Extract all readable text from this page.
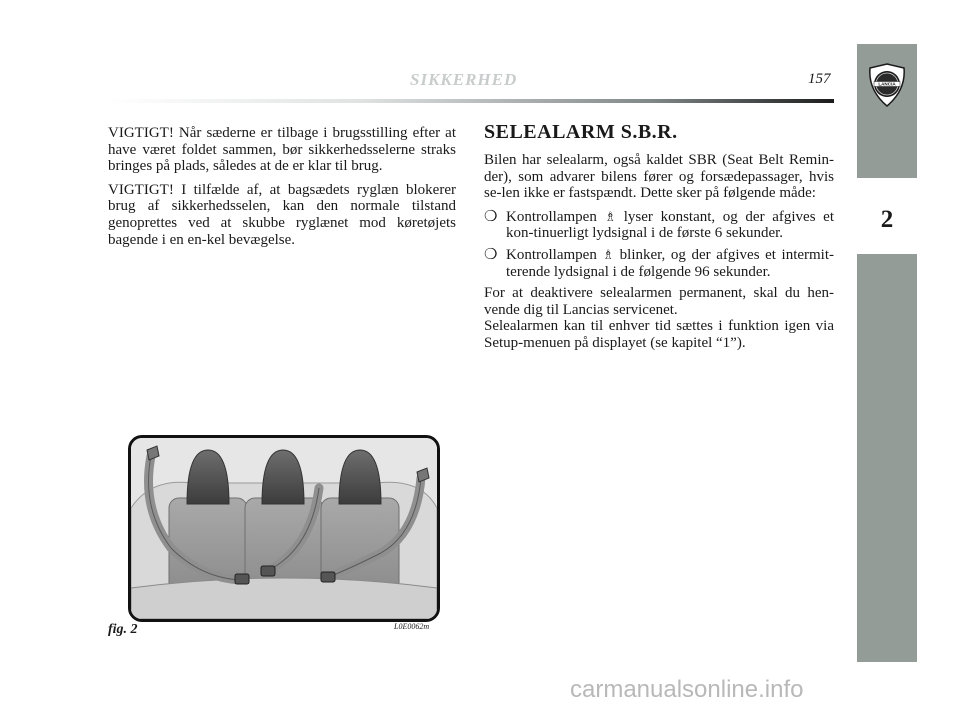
2
LANCIA
SIKKERHED	157

VIGTIGT! Når sæderne er tilbage i brugsstilling efter at have været foldet sammen, bør sikkerhedsselerne straks bringes på plads, således at de er klar til brug.

VIGTIGT! I tilfælde af, at bagsædets ryglæn blokerer brug af sikkerhedsselen, kan den normale tilstand genoprettes ved at skubbe ryglænet mod køretøjets bagende i en en-kel bevægelse.

SELEALARM S.B.R.

Bilen har selealarm, også kaldet SBR (Seat Belt Remin-der), som advarer bilens fører og forsædepassager, hvis se-len ikke er fastspændt. Dette sker på følgende måde:

❍ Kontrollampen ♗ lyser konstant, og der afgives et kon-tinuerligt lydsignal i de første 6 sekunder.
❍ Kontrollampen ♗ blinker, og der afgives et intermit-terende lydsignal i de følgende 96 sekunder.

For at deaktivere selealarmen permanent, skal du hen-vende dig til Lancias servicenet.

Selealarmen kan til enhver tid sættes i funktion igen via Setup-menuen på displayet (se kapitel “1”).

fig. 2	L0E0062m
carmanualsonline.info
